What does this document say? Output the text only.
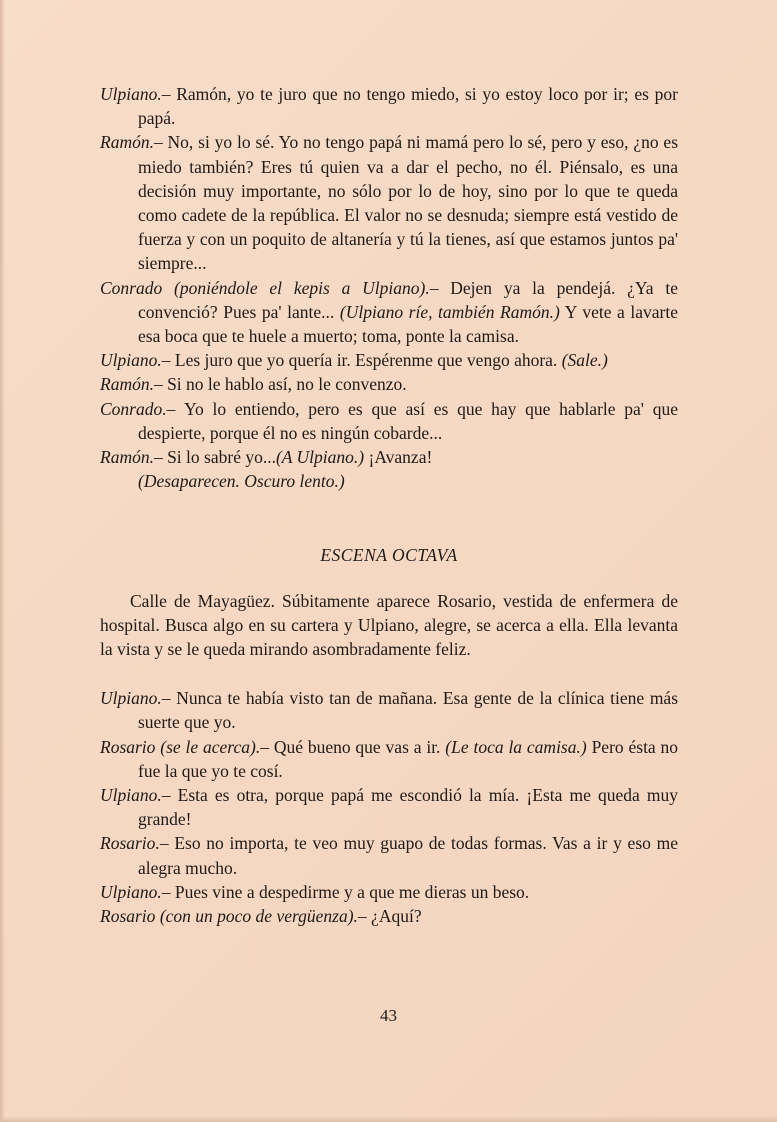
Ulpiano.– Ramón, yo te juro que no tengo miedo, si yo estoy loco por ir; es por papá.

Ramón.– No, si yo lo sé. Yo no tengo papá ni mamá pero lo sé, pero y eso, ¿no es miedo también? Eres tú quien va a dar el pecho, no él. Piénsalo, es una decisión muy importante, no sólo por lo de hoy, sino por lo que te queda como cadete de la república. El valor no se desnuda; siempre está vestido de fuerza y con un poquito de altanería y tú la tienes, así que estamos juntos pa' siempre...

Conrado (poniéndole el kepis a Ulpiano).– Dejen ya la pendejá. ¿Ya te convenció? Pues pa' lante... (Ulpiano ríe, también Ramón.) Y vete a lavarte esa boca que te huele a muerto; toma, ponte la camisa.

Ulpiano.– Les juro que yo quería ir. Espérenme que vengo ahora. (Sale.)

Ramón.– Si no le hablo así, no le convenzo.

Conrado.– Yo lo entiendo, pero es que así es que hay que hablarle pa' que despierte, porque él no es ningún cobarde...

Ramón.– Si lo sabré yo...(A Ulpiano.) ¡Avanza!

(Desaparecen. Oscuro lento.)

ESCENA OCTAVA

Calle de Mayagüez. Súbitamente aparece Rosario, vestida de enfermera de hospital. Busca algo en su cartera y Ulpiano, alegre, se acerca a ella. Ella levanta la vista y se le queda mirando asombradamente feliz.

Ulpiano.– Nunca te había visto tan de mañana. Esa gente de la clínica tiene más suerte que yo.

Rosario (se le acerca).– Qué bueno que vas a ir. (Le toca la camisa.) Pero ésta no fue la que yo te cosí.

Ulpiano.– Esta es otra, porque papá me escondió la mía. ¡Esta me queda muy grande!

Rosario.– Eso no importa, te veo muy guapo de todas formas. Vas a ir y eso me alegra mucho.

Ulpiano.– Pues vine a despedirme y a que me dieras un beso.

Rosario (con un poco de vergüenza).– ¿Aquí?

43
